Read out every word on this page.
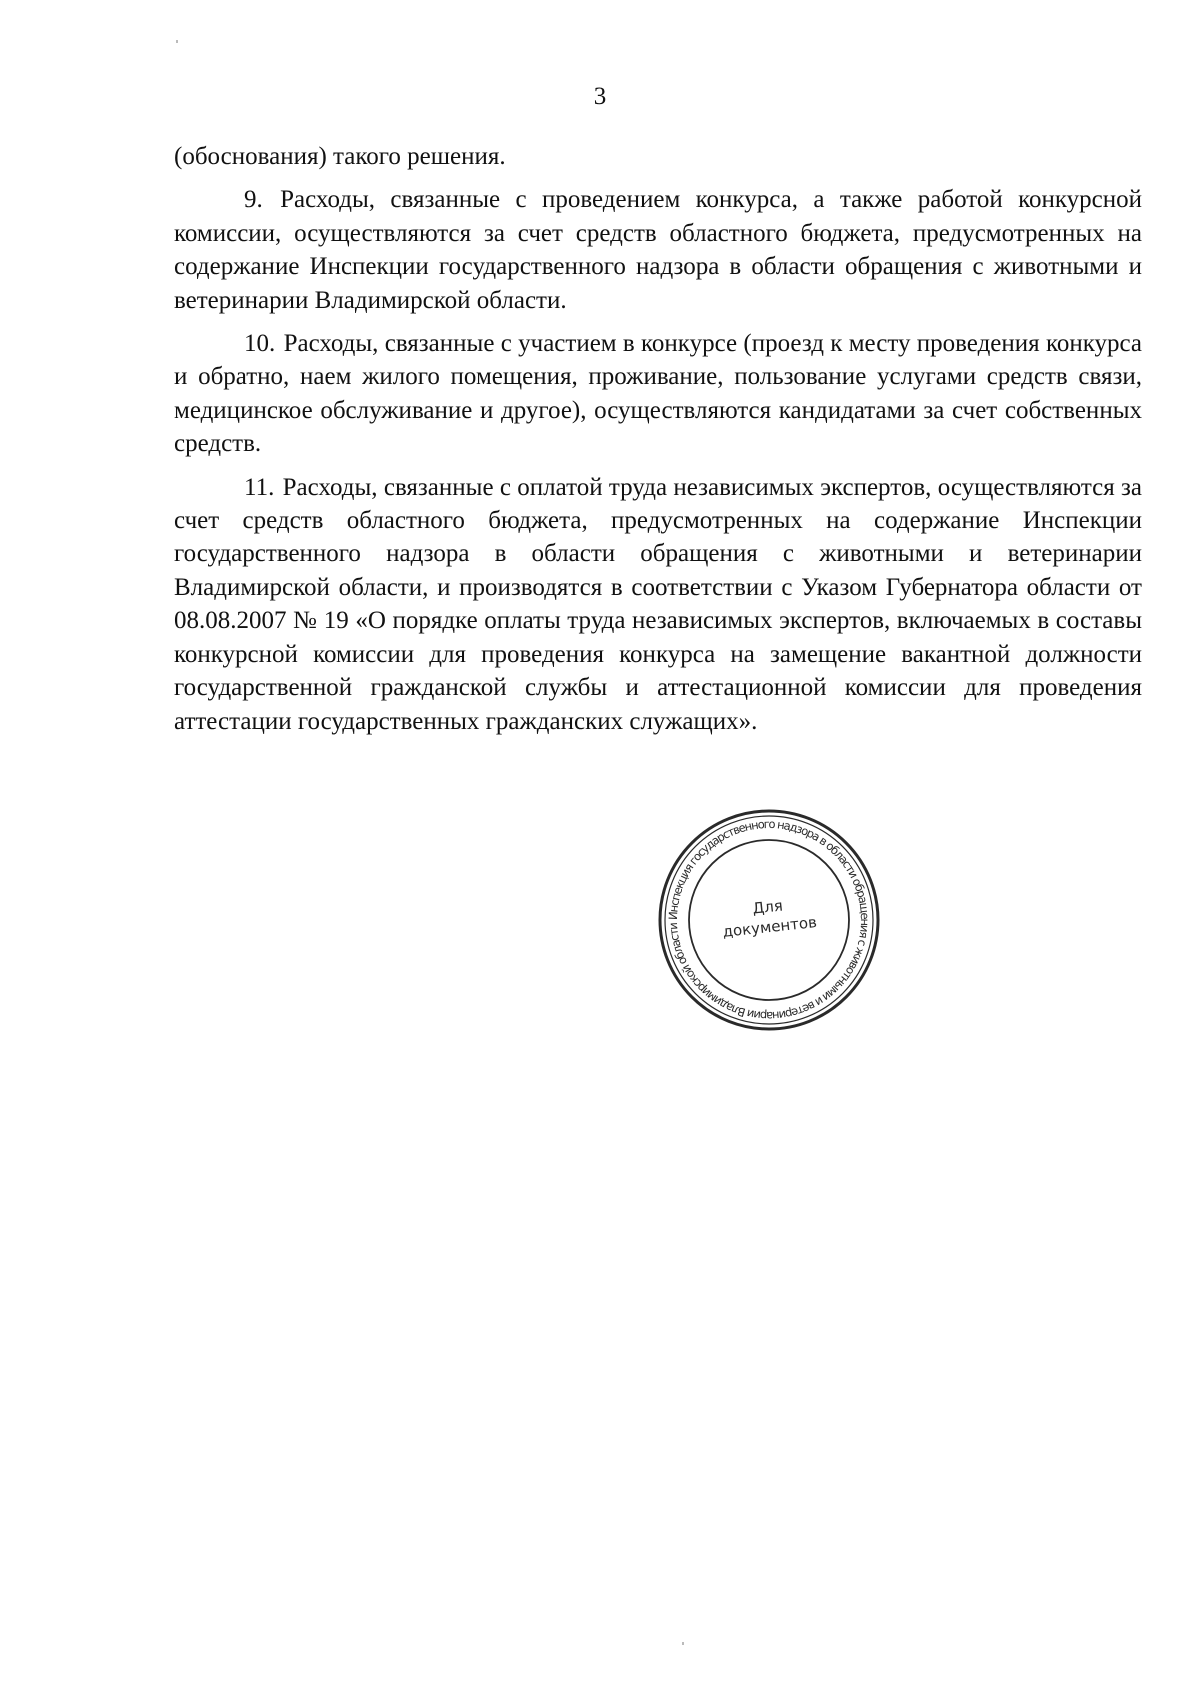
3

(обоснования) такого решения.

9. Расходы, связанные с проведением конкурса, а также работой конкурсной комиссии, осуществляются за счет средств областного бюджета, предусмотренных на содержание Инспекции государственного надзора в области обращения с животными и ветеринарии Владимирской области.

10. Расходы, связанные с участием в конкурсе (проезд к месту проведения конкурса и обратно, наем жилого помещения, проживание, пользование услугами средств связи, медицинское обслуживание и другое), осуществляются кандидатами за счет собственных средств.

11. Расходы, связанные с оплатой труда независимых экспертов, осуществляются за счет средств областного бюджета, предусмотренных на содержание Инспекции государственного надзора в области обращения с животными и ветеринарии Владимирской области, и производятся в соответствии с Указом Губернатора области от 08.08.2007 № 19 «О порядке оплаты труда независимых экспертов, включаемых в составы конкурсной комиссии для проведения конкурса на замещение вакантной должности государственной гражданской службы и аттестационной комиссии для проведения аттестации государственных гражданских служащих».

Инспекция государственного надзора в области обращения с животными и ветеринарии Владимирской области
Для
документов
